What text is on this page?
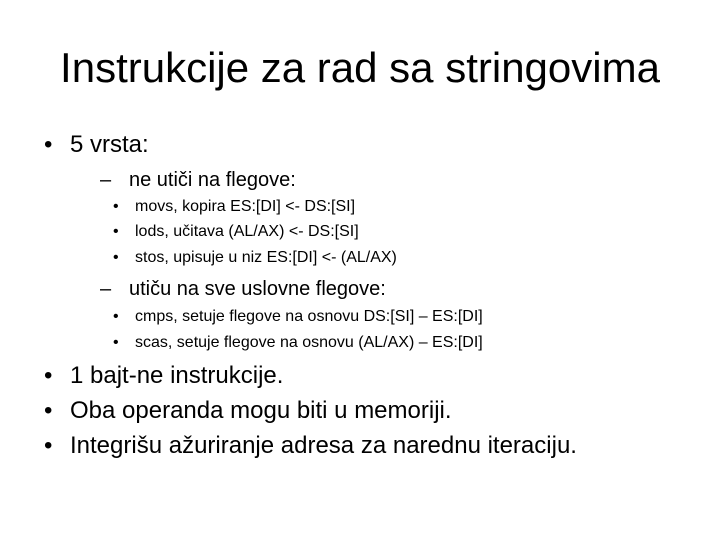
Instrukcije za rad sa stringovima
• 5 vrsta:
– ne utiči na flegove:
• movs, kopira ES:[DI] <- DS:[SI]
• lods, učitava (AL/AX) <- DS:[SI]
• stos, upisuje u niz ES:[DI] <- (AL/AX)
– utiču na sve uslovne flegove:
• cmps, setuje flegove na osnovu DS:[SI] – ES:[DI]
• scas, setuje flegove na osnovu (AL/AX) – ES:[DI]
• 1 bajt-ne instrukcije.
• Oba operanda mogu biti u memoriji.
• Integrišu ažuriranje adresa za narednu iteraciju.
